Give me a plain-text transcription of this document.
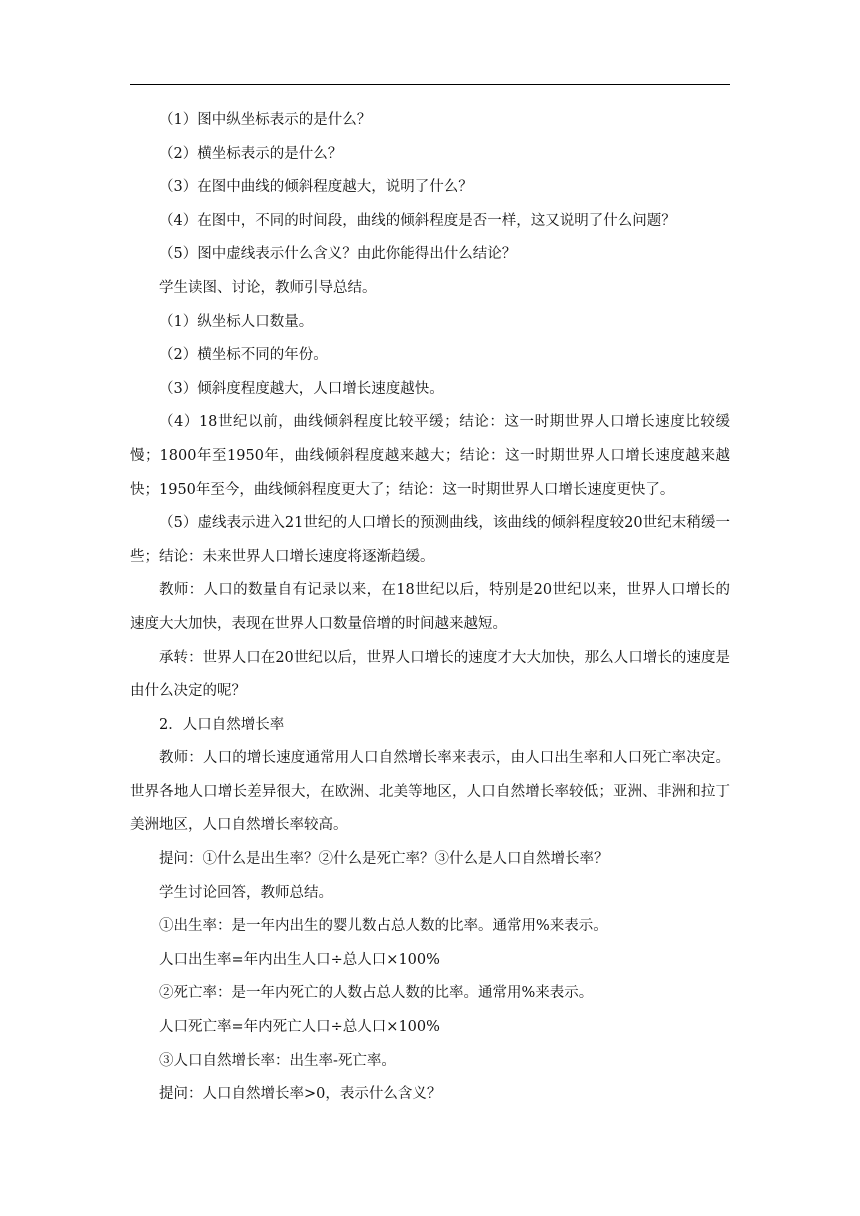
（1）图中纵坐标表示的是什么？

（2）横坐标表示的是什么？

（3）在图中曲线的倾斜程度越大，说明了什么？

（4）在图中，不同的时间段，曲线的倾斜程度是否一样，这又说明了什么问题？

（5）图中虚线表示什么含义？由此你能得出什么结论？

学生读图、讨论，教师引导总结。

（1）纵坐标人口数量。

（2）横坐标不同的年份。

（3）倾斜度程度越大，人口增长速度越快。

（4）18世纪以前，曲线倾斜程度比较平缓；结论：这一时期世界人口增长速度比较缓慢；1800年至1950年，曲线倾斜程度越来越大；结论：这一时期世界人口增长速度越来越快；1950年至今，曲线倾斜程度更大了；结论：这一时期世界人口增长速度更快了。

（5）虚线表示进入21世纪的人口增长的预测曲线，该曲线的倾斜程度较20世纪末稍缓一些；结论：未来世界人口增长速度将逐渐趋缓。

教师：人口的数量自有记录以来，在18世纪以后，特别是20世纪以来，世界人口增长的速度大大加快，表现在世界人口数量倍增的时间越来越短。

承转：世界人口在20世纪以后，世界人口增长的速度才大大加快，那么人口增长的速度是由什么决定的呢？

2．人口自然增长率

教师：人口的增长速度通常用人口自然增长率来表示，由人口出生率和人口死亡率决定。世界各地人口增长差异很大，在欧洲、北美等地区，人口自然增长率较低；亚洲、非洲和拉丁美洲地区，人口自然增长率较高。

提问：①什么是出生率？②什么是死亡率？③什么是人口自然增长率？

学生讨论回答，教师总结。

①出生率：是一年内出生的婴儿数占总人数的比率。通常用%来表示。

人口出生率=年内出生人口÷总人口×100%

②死亡率：是一年内死亡的人数占总人数的比率。通常用%来表示。

人口死亡率=年内死亡人口÷总人口×100%

③人口自然增长率：出生率-死亡率。

提问：人口自然增长率>0，表示什么含义？
